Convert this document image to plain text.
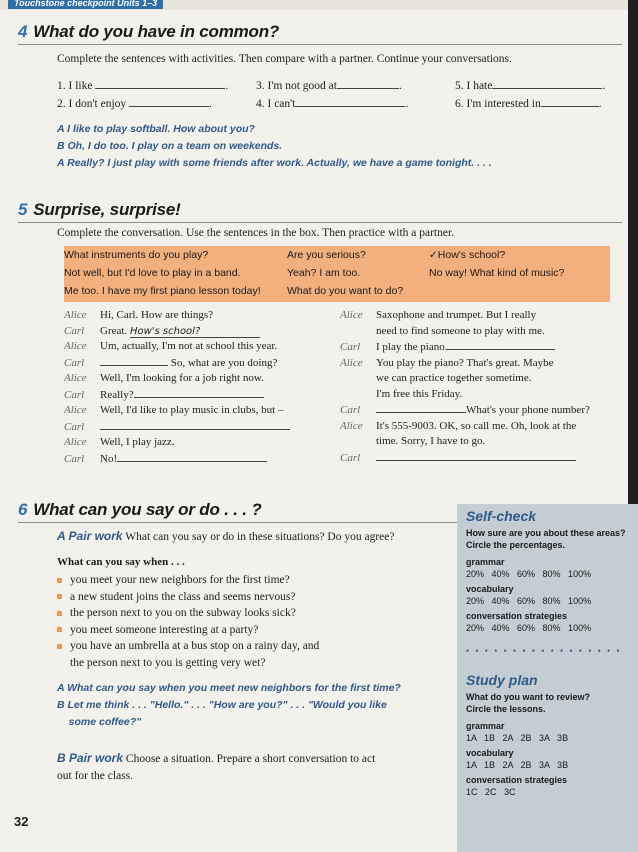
Touchstone checkpoint Units 1–3
4 What do you have in common?
Complete the sentences with activities. Then compare with a partner. Continue your conversations.
1. I like	.
2. I don't enjoy	.
3. I'm not good at	.
4. I can't	.
5. I hate	.
6. I'm interested in	.
A I like to play softball. How about you?
B Oh, I do too. I play on a team on weekends.
A Really? I just play with some friends after work. Actually, we have a game tonight. . . .
5 Surprise, surprise!
Complete the conversation. Use the sentences in the box. Then practice with a partner.
What instruments do you play?	Are you serious?	✓How's school?
Not well, but I'd love to play in a band.	Yeah? I am too.	No way! What kind of music?
Me too. I have my first piano lesson today!	What do you want to do?
Alice Hi, Carl. How are things?
Carl Great. How's school?
Alice Um, actually, I'm not at school this year.
Carl	So, what are you doing?
Alice Well, I'm looking for a job right now.
Carl Really?
Alice Well, I'd like to play music in clubs, but –
Carl
Alice Well, I play jazz.
Carl No!
Alice Saxophone and trumpet. But I really
need to find someone to play with me.
Carl I play the piano.
Alice You play the piano? That's great. Maybe
we can practice together sometime.
I'm free this Friday.
Carl	What's your phone number?
Alice It's 555-9003. OK, so call me. Oh, look at the
time. Sorry, I have to go.
Carl
6 What can you say or do . . . ?
A Pair work What can you say or do in these situations? Do you agree?
What can you say when . . .
you meet your new neighbors for the first time?
a new student joins the class and seems nervous?
the person next to you on the subway looks sick?
you meet someone interesting at a party?
you have an umbrella at a bus stop on a rainy day, and
the person next to you is getting very wet?
A What can you say when you meet new neighbors for the first time?
B Let me think . . . "Hello." . . . "How are you?" . . . "Would you like
some coffee?"
B Pair work Choose a situation. Prepare a short conversation to act
out for the class.
Self-check
How sure are you about these areas?
Circle the percentages.
grammar
20%   40%   60%   80%   100%
vocabulary
20%   40%   60%   80%   100%
conversation strategies
20%   40%   60%   80%   100%
• • • • • • • • • • • • • • • • •
Study plan
What do you want to review?
Circle the lessons.
grammar
1A   1B   2A   2B   3A   3B
vocabulary
1A   1B   2A   2B   3A   3B
conversation strategies
1C   2C   3C
32
